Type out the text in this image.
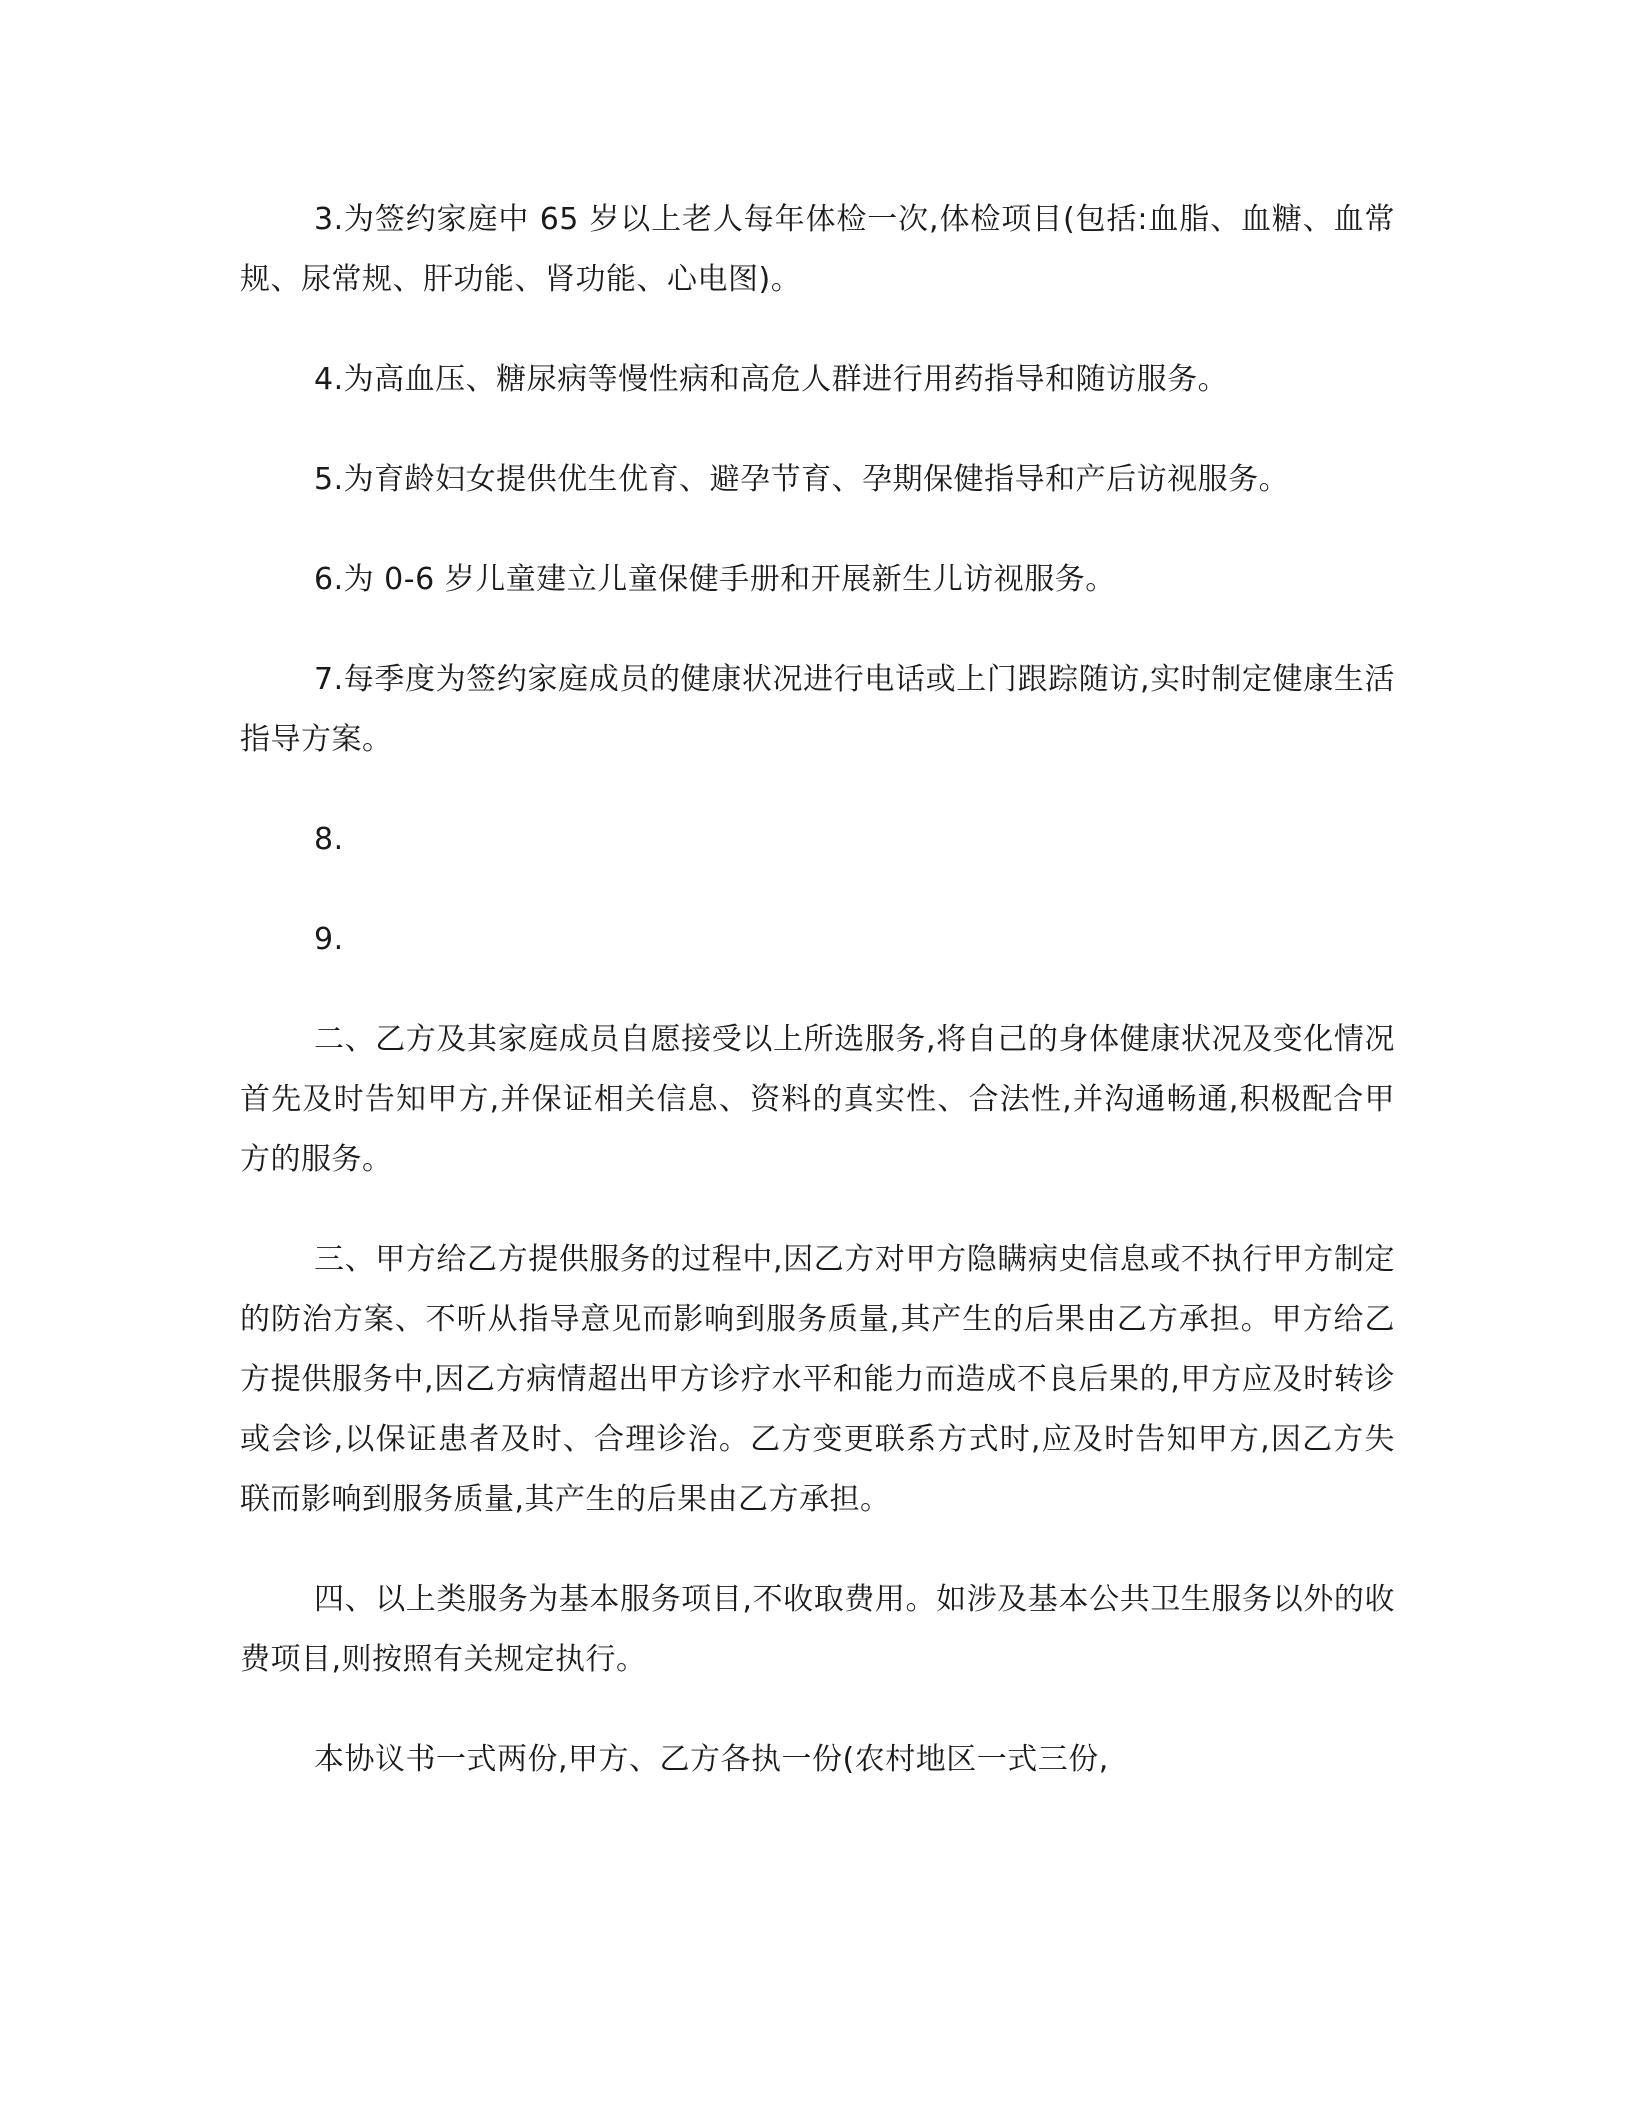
3.为签约家庭中 65 岁以上老人每年体检一次,体检项目(包括:血脂、血糖、血常规、尿常规、肝功能、肾功能、心电图)。

4.为高血压、糖尿病等慢性病和高危人群进行用药指导和随访服务。

5.为育龄妇女提供优生优育、避孕节育、孕期保健指导和产后访视服务。

6.为 0-6 岁儿童建立儿童保健手册和开展新生儿访视服务。

7.每季度为签约家庭成员的健康状况进行电话或上门跟踪随访,实时制定健康生活指导方案。

8.

9.

二、乙方及其家庭成员自愿接受以上所选服务,将自己的身体健康状况及变化情况首先及时告知甲方,并保证相关信息、资料的真实性、合法性,并沟通畅通,积极配合甲方的服务。

三、甲方给乙方提供服务的过程中,因乙方对甲方隐瞒病史信息或不执行甲方制定的防治方案、不听从指导意见而影响到服务质量,其产生的后果由乙方承担。甲方给乙方提供服务中,因乙方病情超出甲方诊疗水平和能力而造成不良后果的,甲方应及时转诊或会诊,以保证患者及时、合理诊治。乙方变更联系方式时,应及时告知甲方,因乙方失联而影响到服务质量,其产生的后果由乙方承担。

四、以上类服务为基本服务项目,不收取费用。如涉及基本公共卫生服务以外的收费项目,则按照有关规定执行。

本协议书一式两份,甲方、乙方各执一份(农村地区一式三份,
